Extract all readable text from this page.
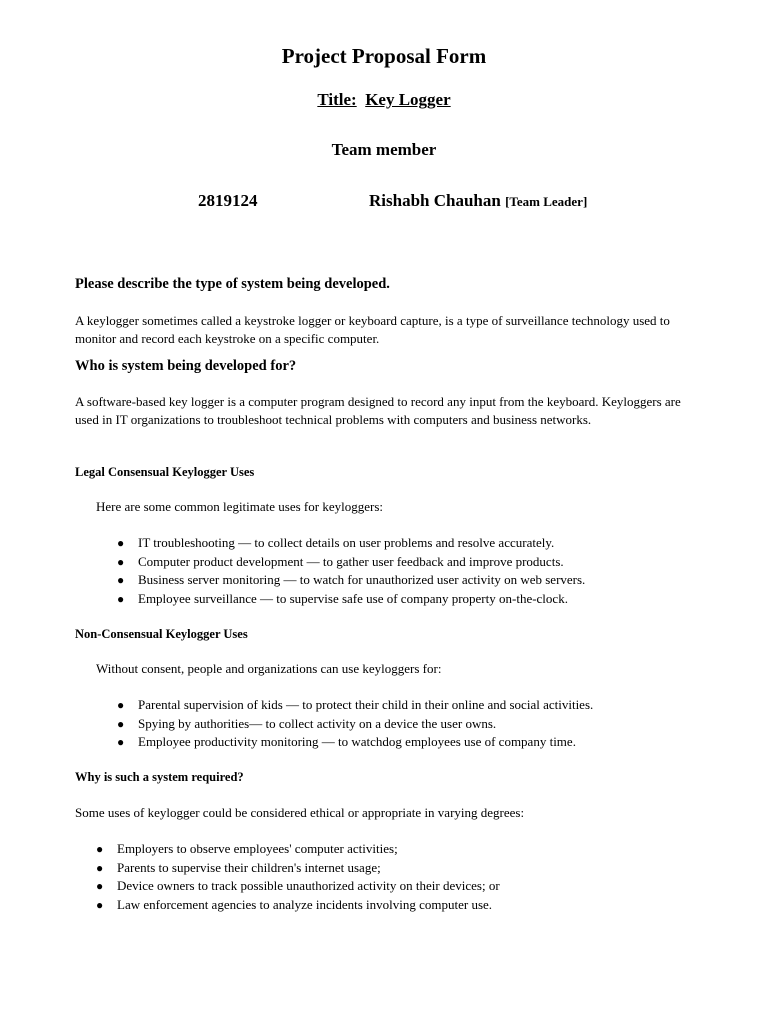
Project Proposal Form
Title: Key Logger
Team member
2819124	Rishabh Chauhan [Team Leader]
Please describe the type of system being developed.
A keylogger sometimes called a keystroke logger or keyboard capture, is a type of surveillance technology used to monitor and record each keystroke on a specific computer.
Who is system being developed for?
A software-based key logger is a computer program designed to record any input from the keyboard. Keyloggers are used in IT organizations to troubleshoot technical problems with computers and business networks.
Legal Consensual Keylogger Uses
Here are some common legitimate uses for keyloggers:
● IT troubleshooting — to collect details on user problems and resolve accurately.
● Computer product development — to gather user feedback and improve products.
● Business server monitoring — to watch for unauthorized user activity on web servers.
● Employee surveillance — to supervise safe use of company property on-the-clock.
Non-Consensual Keylogger Uses
Without consent, people and organizations can use keyloggers for:
● Parental supervision of kids — to protect their child in their online and social activities.
● Spying by authorities— to collect activity on a device the user owns.
● Employee productivity monitoring — to watchdog employees use of company time.
Why is such a system required?
Some uses of keylogger could be considered ethical or appropriate in varying degrees:
● Employers to observe employees' computer activities;
● Parents to supervise their children's internet usage;
● Device owners to track possible unauthorized activity on their devices; or
● Law enforcement agencies to analyze incidents involving computer use.
